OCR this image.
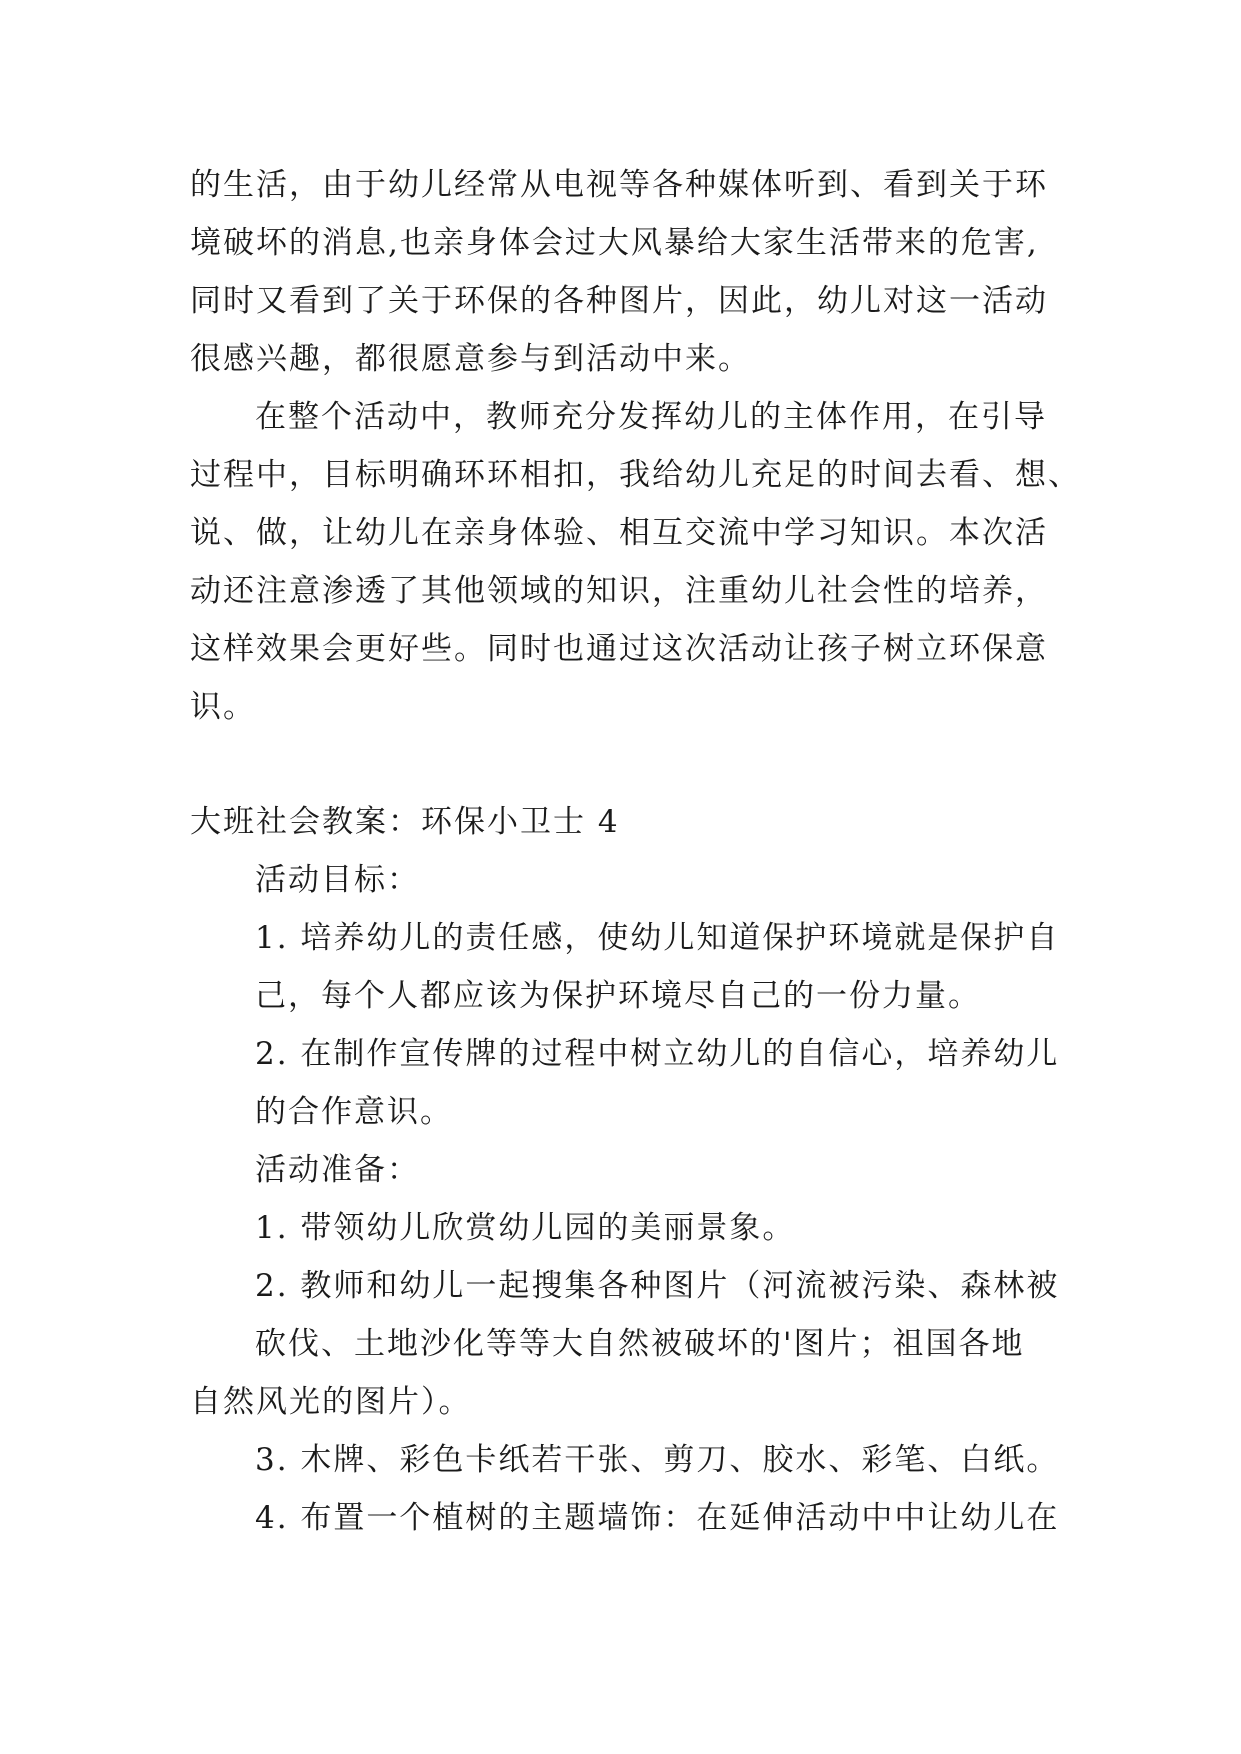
的生活，由于幼儿经常从电视等各种媒体听到、看到关于环
境破坏的消息,也亲身体会过大风暴给大家生活带来的危害,
同时又看到了关于环保的各种图片，因此，幼儿对这一活动
很感兴趣，都很愿意参与到活动中来。
在整个活动中，教师充分发挥幼儿的主体作用，在引导
过程中，目标明确环环相扣，我给幼儿充足的时间去看、想、
说、做，让幼儿在亲身体验、相互交流中学习知识。本次活
动还注意渗透了其他领域的知识，注重幼儿社会性的培养，
这样效果会更好些。同时也通过这次活动让孩子树立环保意
识。
大班社会教案：环保小卫士 4
活动目标：
1. 培养幼儿的责任感，使幼儿知道保护环境就是保护自
己，每个人都应该为保护环境尽自己的一份力量。
2. 在制作宣传牌的过程中树立幼儿的自信心，培养幼儿
的合作意识。
活动准备：
1. 带领幼儿欣赏幼儿园的美丽景象。
2. 教师和幼儿一起搜集各种图片（河流被污染、森林被
砍伐、土地沙化等等大自然被破坏的'图片；祖国各地
自然风光的图片）。
3. 木牌、彩色卡纸若干张、剪刀、胶水、彩笔、白纸。
4. 布置一个植树的主题墙饰：在延伸活动中中让幼儿在
